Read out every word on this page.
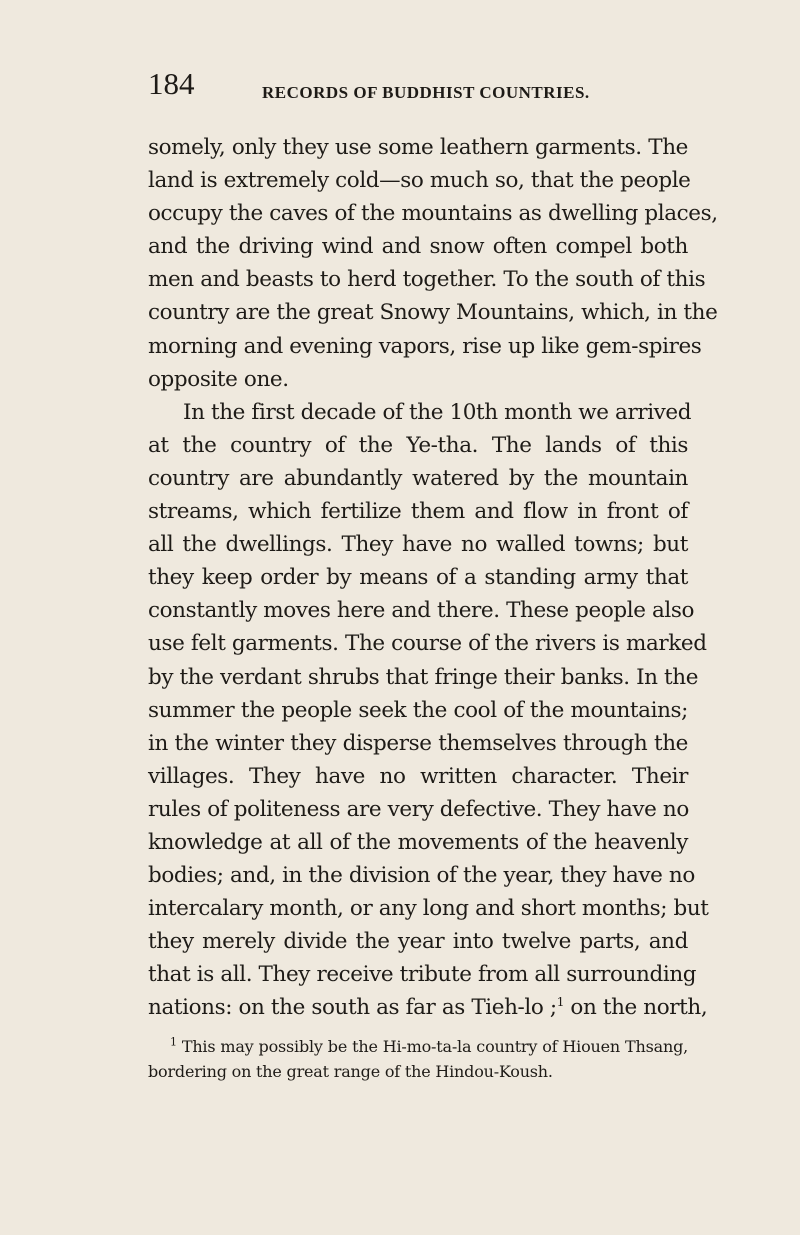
184	RECORDS OF BUDDHIST COUNTRIES.
somely, only they use some leathern garments. The
land is extremely cold—so much so, that the people
occupy the caves of the mountains as dwelling places,
and the driving wind and snow often compel both
men and beasts to herd together. To the south of this
country are the great Snowy Mountains, which, in the
morning and evening vapors, rise up like gem-spires
opposite one.
In the first decade of the 10th month we arrived
at the country of the Ye-tha. The lands of this
country are abundantly watered by the mountain
streams, which fertilize them and flow in front of
all the dwellings. They have no walled towns; but
they keep order by means of a standing army that
constantly moves here and there. These people also
use felt garments. The course of the rivers is marked
by the verdant shrubs that fringe their banks. In the
summer the people seek the cool of the mountains;
in the winter they disperse themselves through the
villages. They have no written character. Their
rules of politeness are very defective. They have no
knowledge at all of the movements of the heavenly
bodies; and, in the division of the year, they have no
intercalary month, or any long and short months; but
they merely divide the year into twelve parts, and
that is all. They receive tribute from all surrounding
nations: on the south as far as Tieh-lo ;$^1$ on the north,
$^1$ This may possibly be the Hi-mo-ta-la country of Hiouen Thsang,
bordering on the great range of the Hindou-Koush.
